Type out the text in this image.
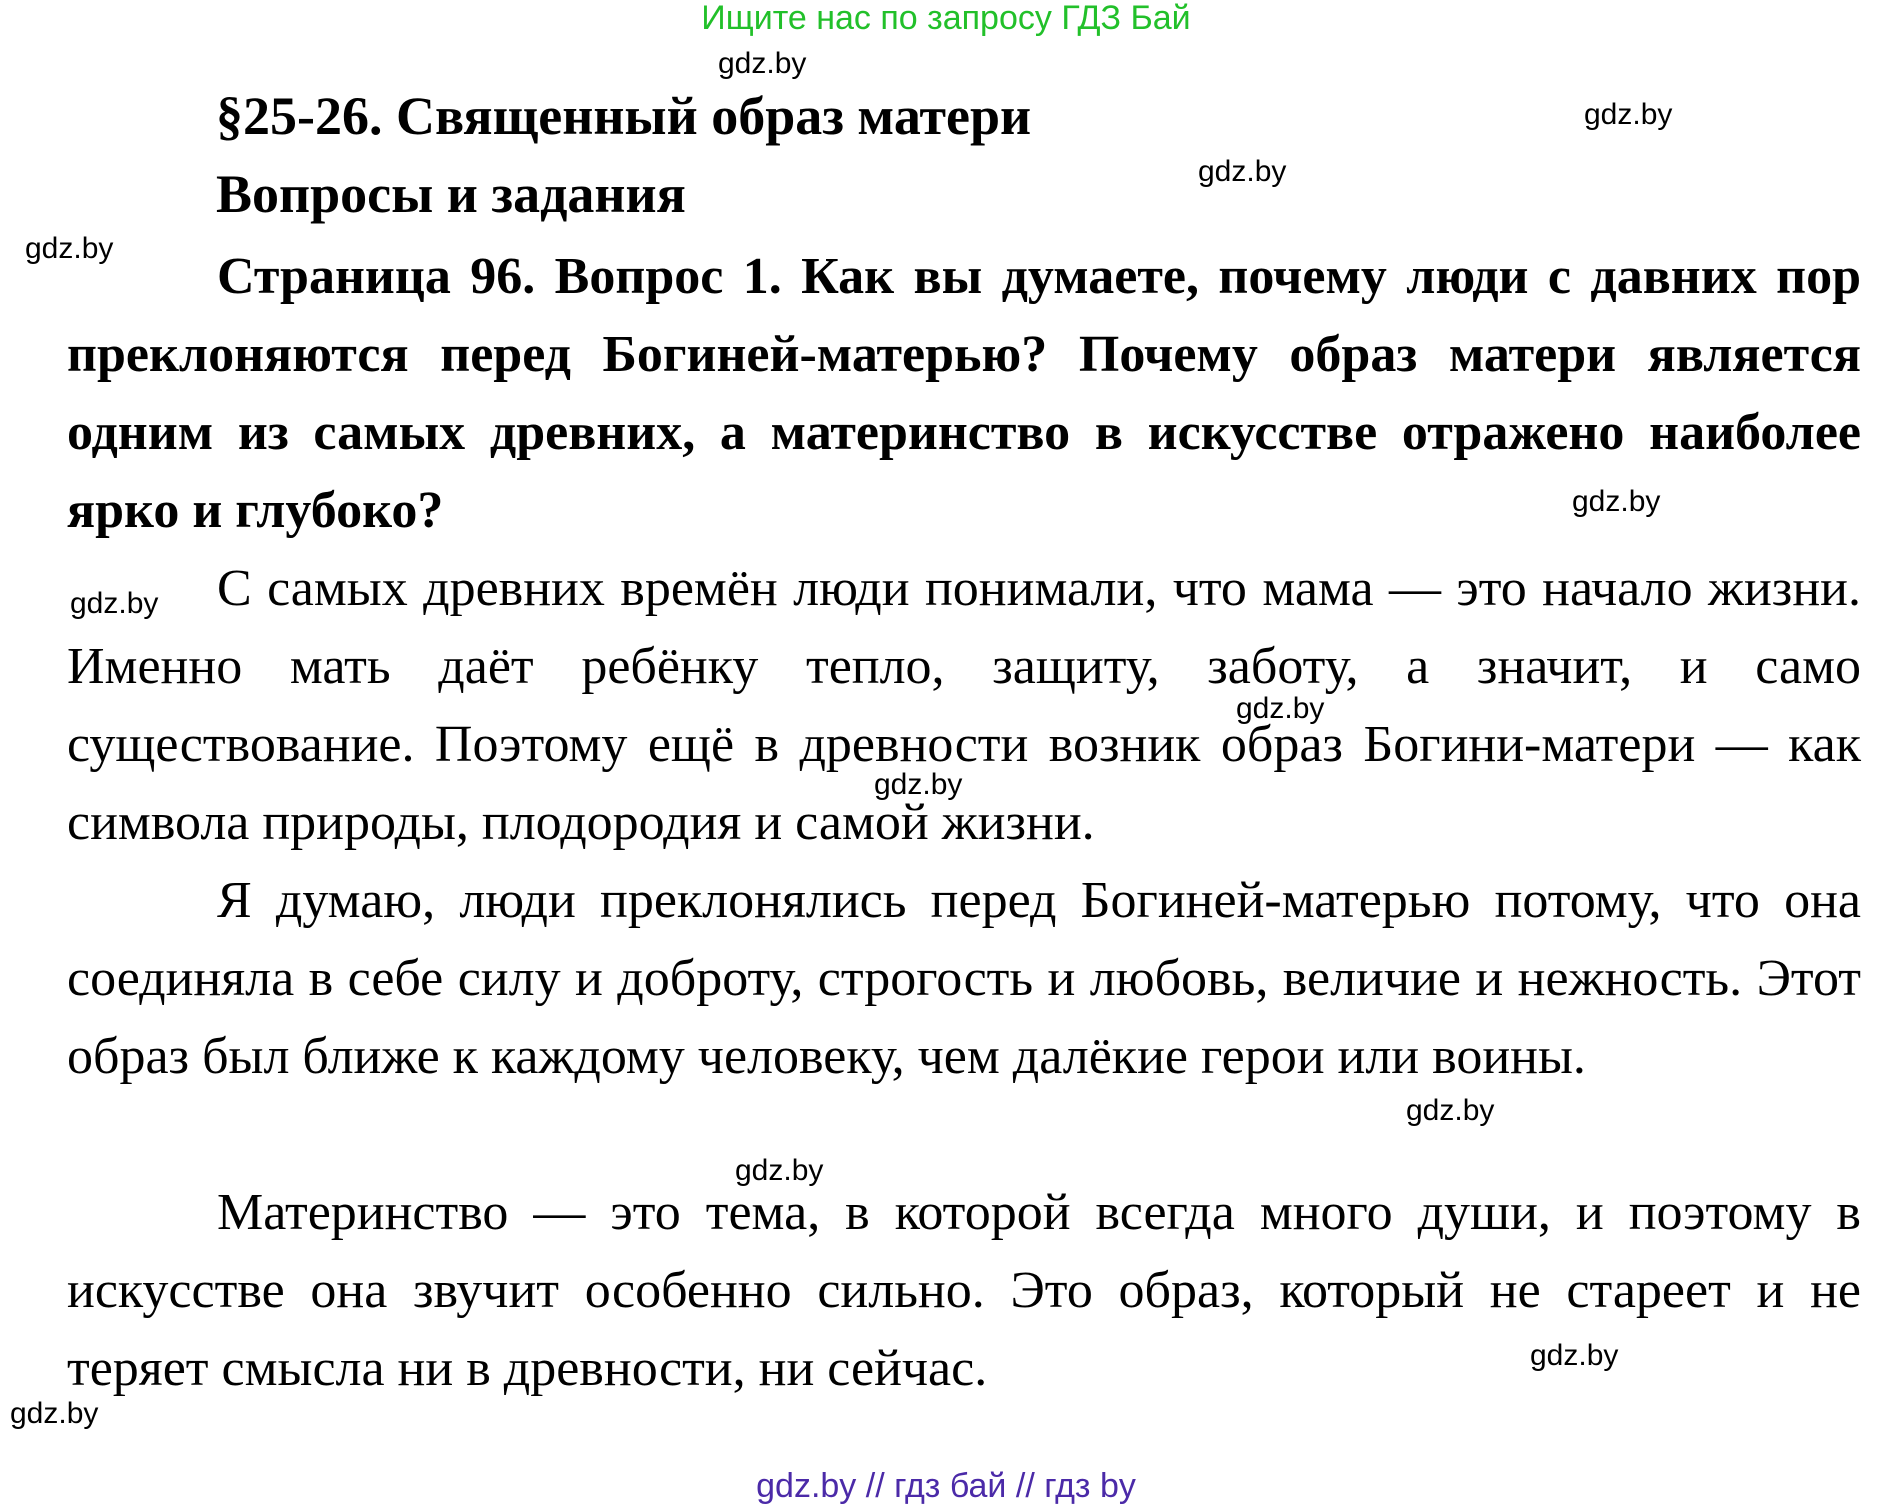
Ищите нас по запросу ГДЗ Бай
gdz.by
gdz.by
gdz.by
gdz.by
gdz.by
gdz.by
gdz.by
gdz.by
gdz.by
gdz.by
gdz.by
gdz.by
§25-26. Священный образ матери
Вопросы и задания

Страница 96. Вопрос 1. Как вы думаете, почему люди с давних пор преклоняются перед Богиней-матерью? Почему образ матери является одним из самых древних, а материнство в искусстве отражено наиболее ярко и глубоко?

С самых древних времён люди понимали, что мама — это начало жизни. Именно мать даёт ребёнку тепло, защиту, заботу, а значит, и само существование. Поэтому ещё в древности возник образ Богини-матери — как символа природы, плодородия и самой жизни.

Я думаю, люди преклонялись перед Богиней-матерью потому, что она соединяла в себе силу и доброту, строгость и любовь, величие и нежность. Этот образ был ближе к каждому человеку, чем далёкие герои или воины.

Материнство — это тема, в которой всегда много души, и поэтому в искусстве она звучит особенно сильно. Это образ, который не стареет и не теряет смысла ни в древности, ни сейчас.

gdz.by // гдз бай // гдз by
